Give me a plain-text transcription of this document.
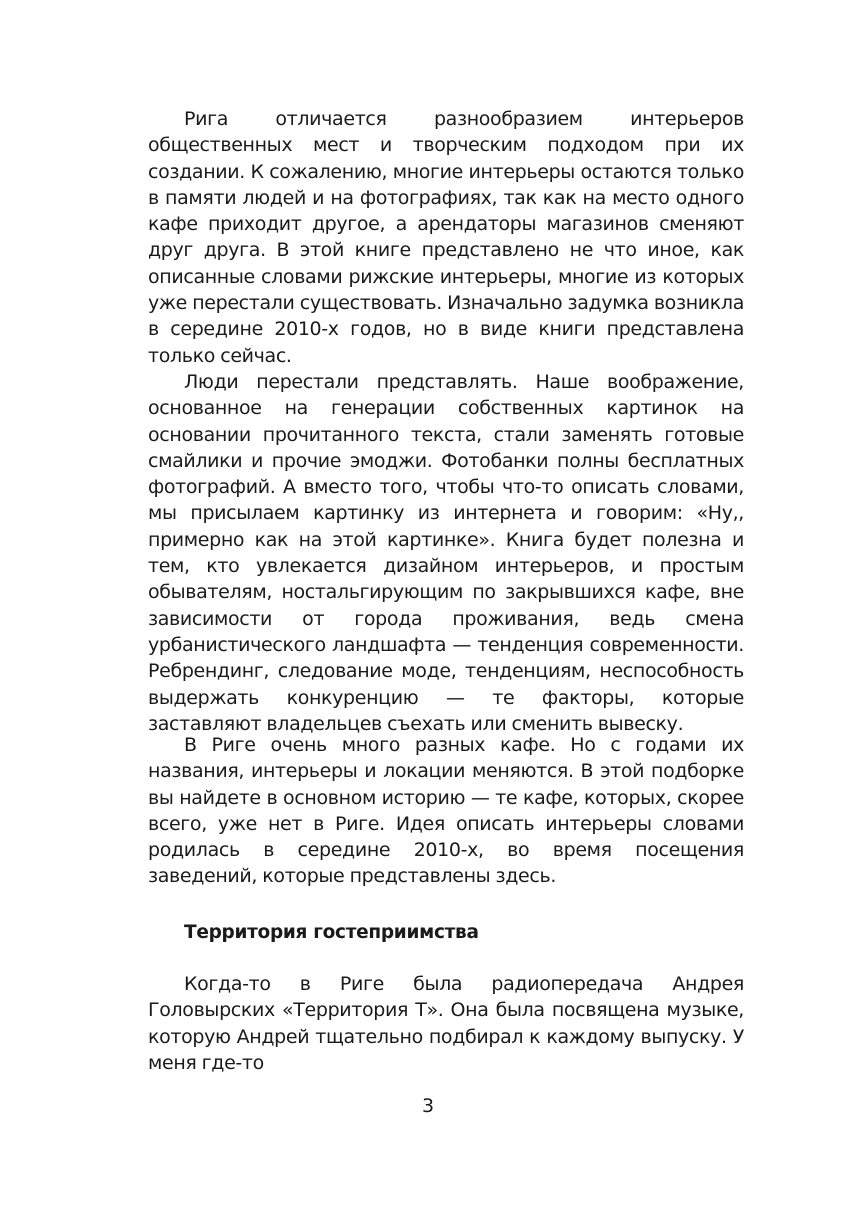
Рига отличается разнообразием интерьеров общественных мест и творческим подходом при их создании. К сожалению, многие интерьеры остаются только в памяти людей и на фотографиях, так как на место одного кафе приходит другое, а арендаторы магазинов сменяют друг друга. В этой книге представлено не что иное, как описанные словами рижские интерьеры, многие из которых уже перестали существовать. Изначально задумка возникла в середине 2010-х годов, но в виде книги представлена только сейчас.

Люди перестали представлять. Наше воображение, основанное на генерации собственных картинок на основании прочитанного текста, стали заменять готовые смайлики и прочие эмоджи. Фотобанки полны бесплатных фотографий. А вместо того, чтобы что-то описать словами, мы присылаем картинку из интернета и говорим: «Ну,, примерно как на этой картинке». Книга будет полезна и тем, кто увлекается дизайном интерьеров, и простым обывателям, ностальгирующим по закрывшихся кафе, вне зависимости от города проживания, ведь смена урбанистического ландшафта — тенденция современности. Ребрендинг, следование моде, тенденциям, неспособность выдержать конкуренцию — те факторы, которые заставляют владельцев съехать или сменить вывеску.

В Риге очень много разных кафе. Но с годами их названия, интерьеры и локации меняются. В этой подборке вы найдете в основном историю — те кафе, которых, скорее всего, уже нет в Риге. Идея описать интерьеры словами родилась в середине 2010-х, во время посещения заведений, которые представлены здесь.

Территория гостеприимства

Когда-то в Риге была радиопередача Андрея Головырских «Территория Т». Она была посвящена музыке, которую Андрей тщательно подбирал к каждому выпуску. У меня где-то

3
